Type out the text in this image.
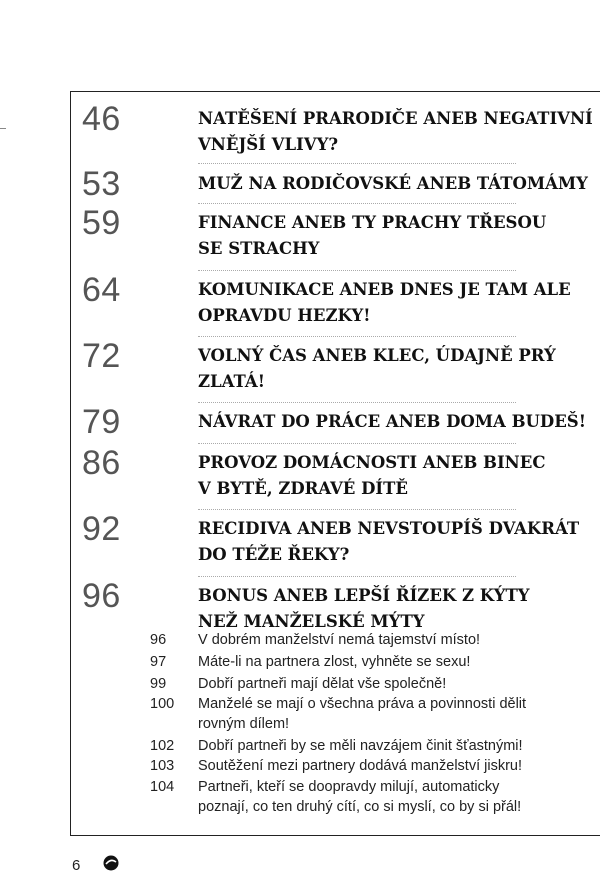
46	NATĚŠENÍ PRARODIČE ANEB NEGATIVNÍ
VNĚJŠÍ VLIVY?
53	MUŽ NA RODIČOVSKÉ ANEB TÁTOMÁMY
59	FINANCE ANEB TY PRACHY TŘESOU
SE STRACHY
64	KOMUNIKACE ANEB DNES JE TAM ALE
OPRAVDU HEZKY!
72	VOLNÝ ČAS ANEB KLEC, ÚDAJNĚ PRÝ
ZLATÁ!
79	NÁVRAT DO PRÁCE ANEB DOMA BUDEŠ!
86	PROVOZ DOMÁCNOSTI ANEB BINEC
V BYTĚ, ZDRAVÉ DÍTĚ
92	RECIDIVA ANEB NEVSTOUPÍŠ DVAKRÁT
DO TÉŽE ŘEKY?
96	BONUS ANEB LEPŠÍ ŘÍZEK Z KÝTY
NEŽ MANŽELSKÉ MÝTY
96	V dobrém manželství nemá tajemství místo!
97	Máte-li na partnera zlost, vyhněte se sexu!
99	Dobří partneři mají dělat vše společně!
100	Manželé se mají o všechna práva a povinnosti dělit
rovným dílem!
102	Dobří partneři by se měli navzájem činit šťastnými!
103	Soutěžení mezi partnery dodává manželství jiskru!
104	Partneři, kteří se doopravdy milují, automaticky
poznají, co ten druhý cítí, co si myslí, co by si přál!
6
